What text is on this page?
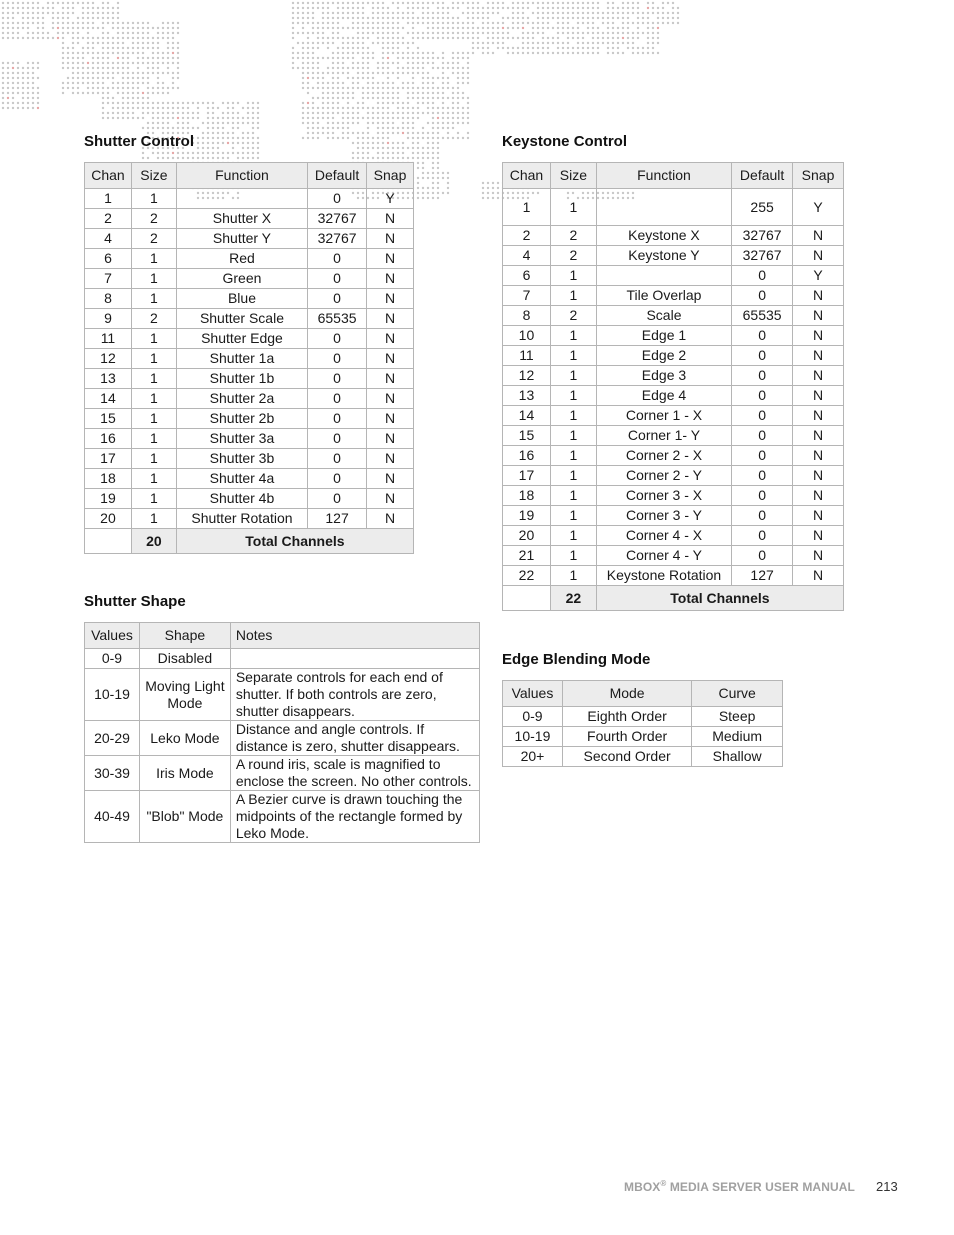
Shutter Control
Chan	Size	Function	Default	Snap
1	1		0	Y
2	2	Shutter X	32767	N
4	2	Shutter Y	32767	N
6	1	Red	0	N
7	1	Green	0	N
8	1	Blue	0	N
9	2	Shutter Scale	65535	N
11	1	Shutter Edge	0	N
12	1	Shutter 1a	0	N
13	1	Shutter 1b	0	N
14	1	Shutter 2a	0	N
15	1	Shutter 2b	0	N
16	1	Shutter 3a	0	N
17	1	Shutter 3b	0	N
18	1	Shutter 4a	0	N
19	1	Shutter 4b	0	N
20	1	Shutter Rotation	127	N
	20	Total Channels		
Shutter Shape
Values	Shape	Notes
0-9	Disabled	
10-19	Moving Light Mode	Separate controls for each end of shutter. If both controls are zero, shutter disappears.
20-29	Leko Mode	Distance and angle controls. If distance is zero, shutter disappears.
30-39	Iris Mode	A round iris, scale is magnified to enclose the screen. No other controls.
40-49	"Blob" Mode	A Bezier curve is drawn touching the midpoints of the rectangle formed by Leko Mode.
Keystone Control
Chan	Size	Function	Default	Snap
1	1		255	Y
2	2	Keystone X	32767	N
4	2	Keystone Y	32767	N
6	1		0	Y
7	1	Tile Overlap	0	N
8	2	Scale	65535	N
10	1	Edge 1	0	N
11	1	Edge 2	0	N
12	1	Edge 3	0	N
13	1	Edge 4	0	N
14	1	Corner 1 - X	0	N
15	1	Corner 1- Y	0	N
16	1	Corner 2 - X	0	N
17	1	Corner 2 - Y	0	N
18	1	Corner 3 - X	0	N
19	1	Corner 3 - Y	0	N
20	1	Corner 4 - X	0	N
21	1	Corner 4 - Y	0	N
22	1	Keystone Rotation	127	N
	22	Total Channels		
Edge Blending Mode
Values	Mode	Curve
0-9	Eighth Order	Steep
10-19	Fourth Order	Medium
20+	Second Order	Shallow
MBOX® MEDIA SERVER USER MANUAL 213
